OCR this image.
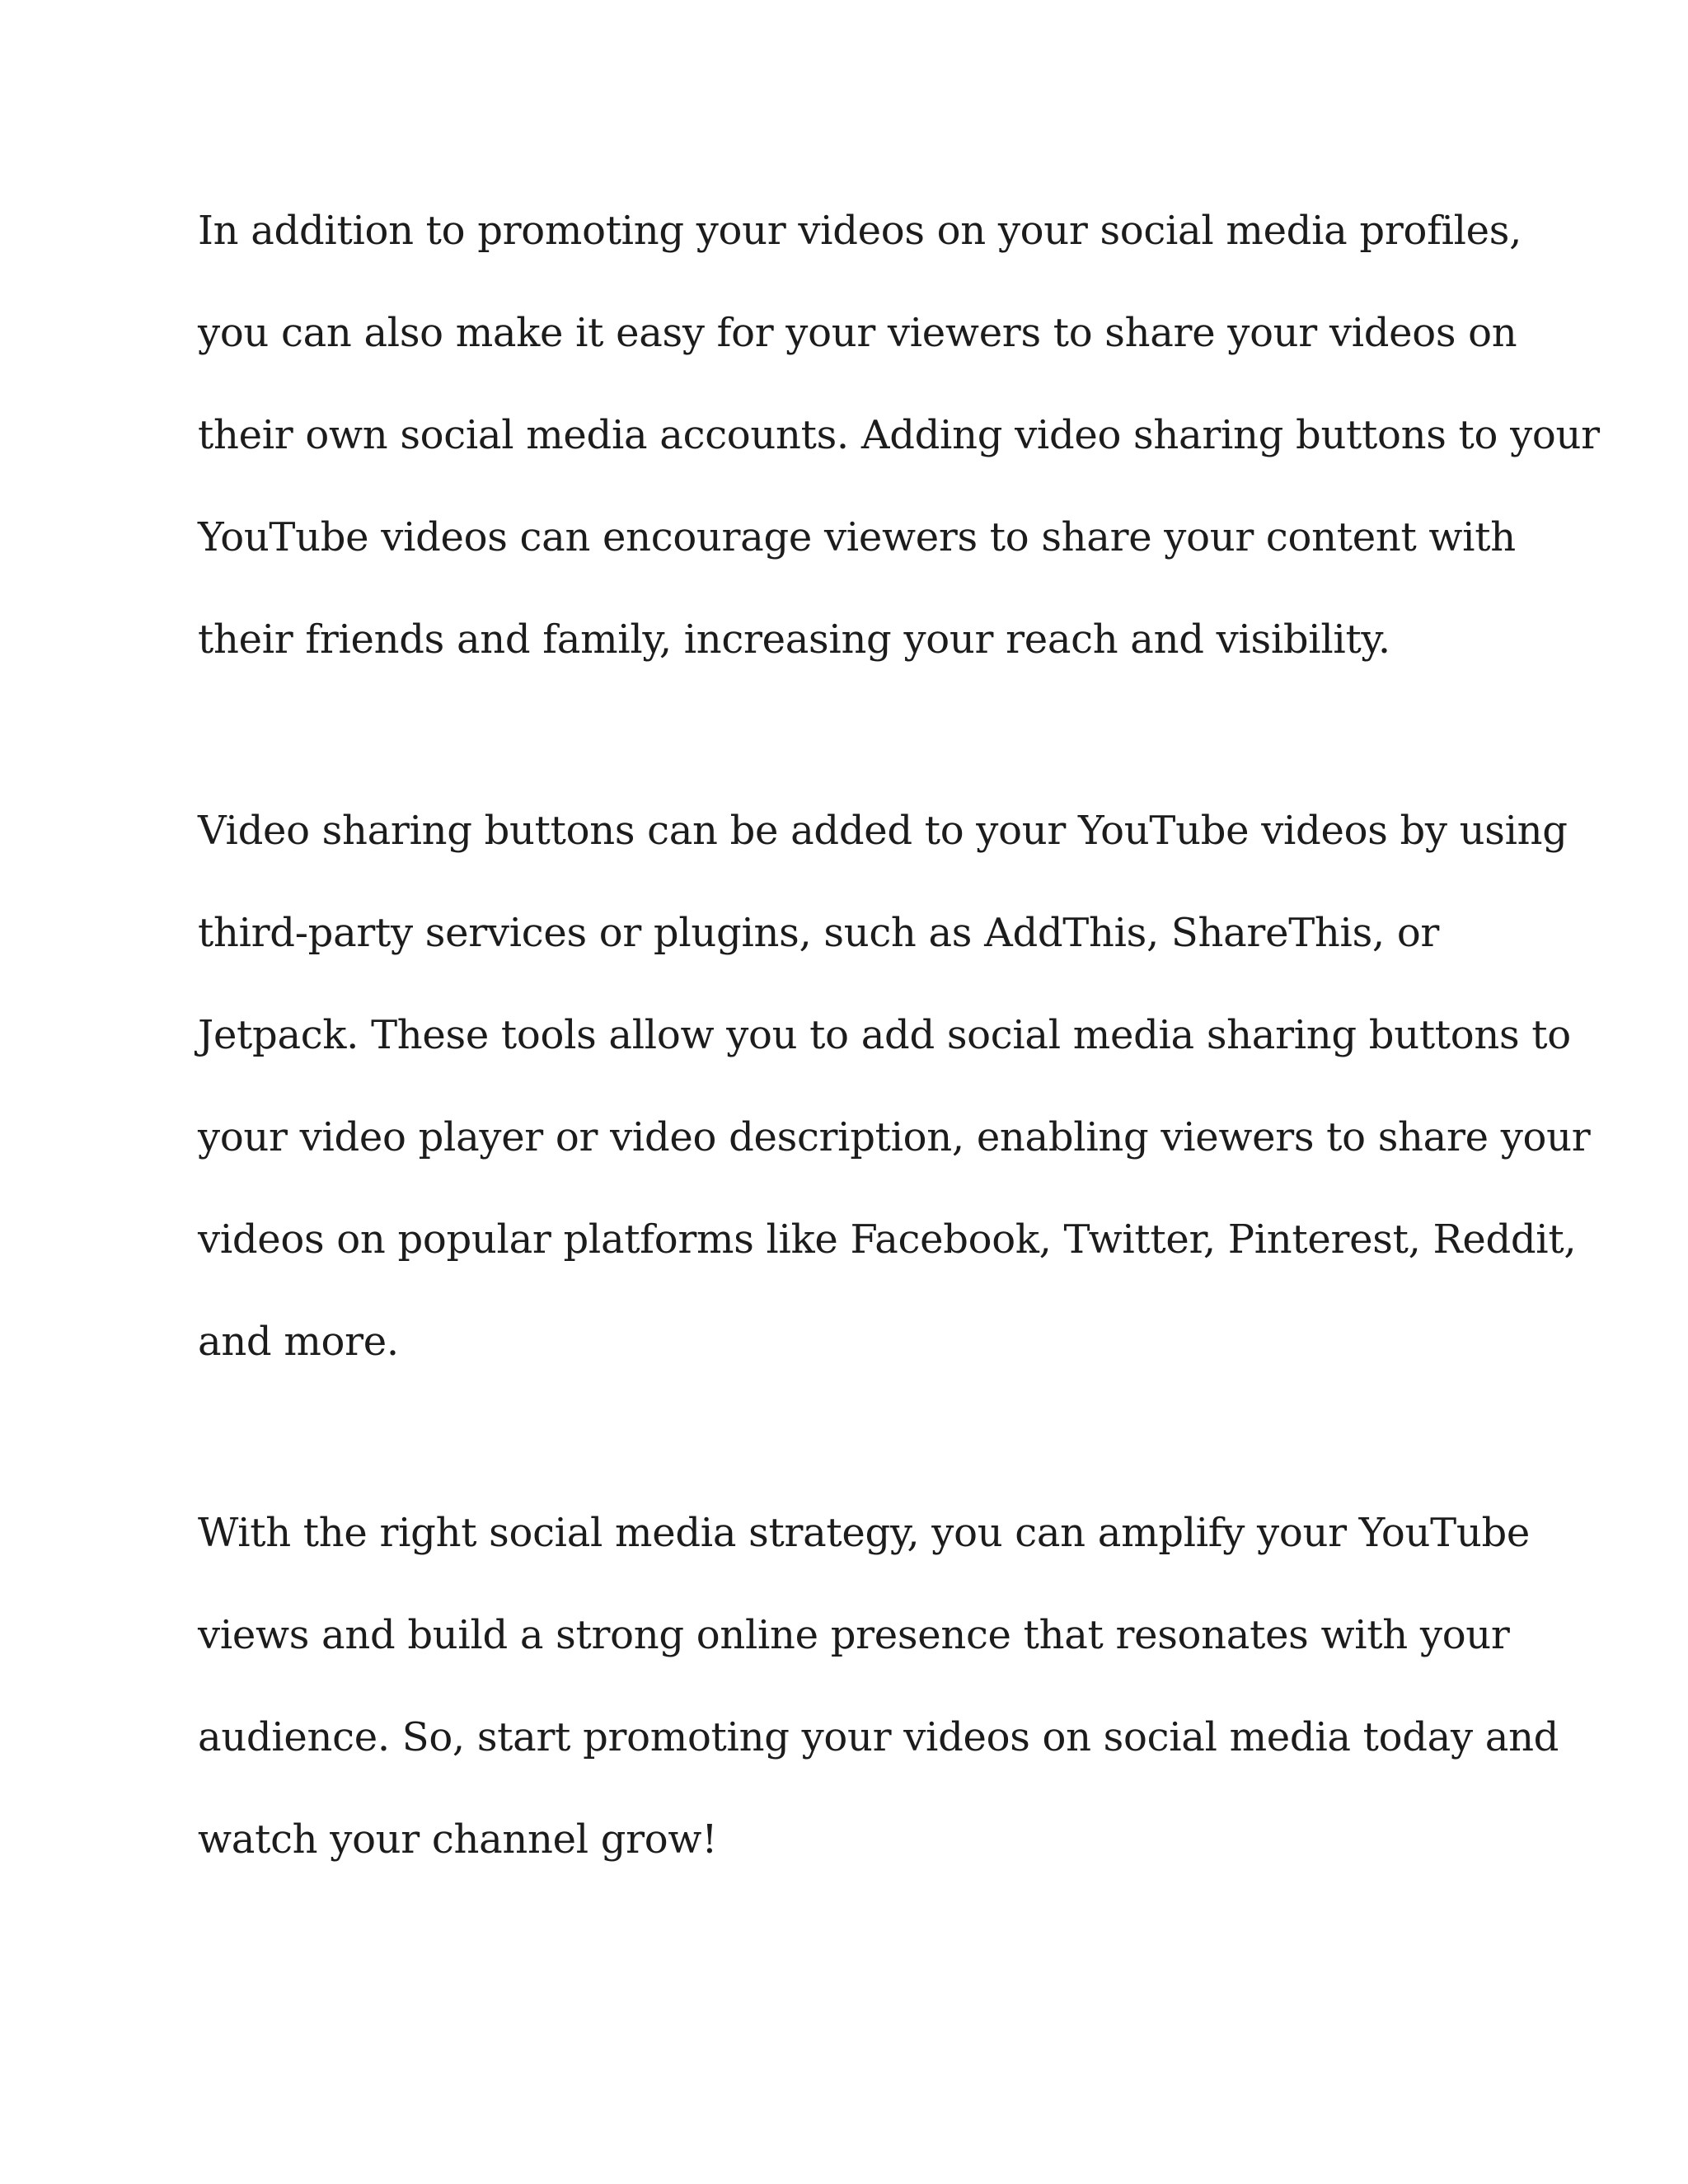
In addition to promoting your videos on your social media profiles,
you can also make it easy for your viewers to share your videos on
their own social media accounts. Adding video sharing buttons to your
YouTube videos can encourage viewers to share your content with
their friends and family, increasing your reach and visibility.

Video sharing buttons can be added to your YouTube videos by using
third-party services or plugins, such as AddThis, ShareThis, or
Jetpack. These tools allow you to add social media sharing buttons to
your video player or video description, enabling viewers to share your
videos on popular platforms like Facebook, Twitter, Pinterest, Reddit,
and more.

With the right social media strategy, you can amplify your YouTube
views and build a strong online presence that resonates with your
audience. So, start promoting your videos on social media today and
watch your channel grow!
